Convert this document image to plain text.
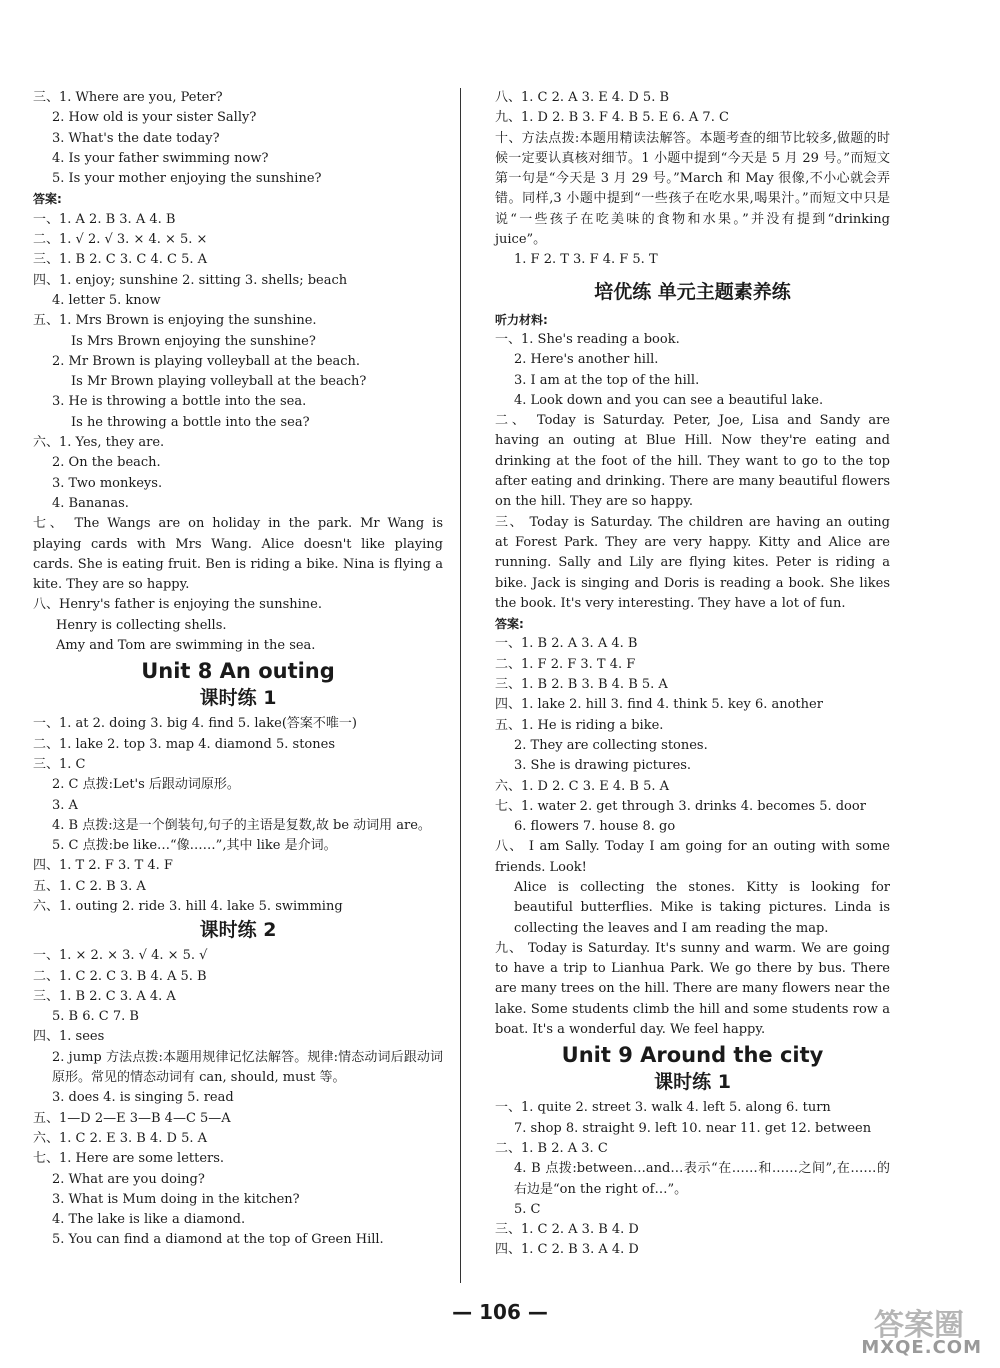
三、1. Where are you, Peter?
2. How old is your sister Sally?
3. What's the date today?
4. Is your father swimming now?
5. Is your mother enjoying the sunshine?
答案:
一、1. A 2. B 3. A 4. B
二、1. √ 2. √ 3. × 4. × 5. ×
三、1. B 2. C 3. C 4. C 5. A
四、1. enjoy; sunshine 2. sitting 3. shells; beach
4. letter 5. know
五、1. Mrs Brown is enjoying the sunshine.
Is Mrs Brown enjoying the sunshine?
2. Mr Brown is playing volleyball at the beach.
Is Mr Brown playing volleyball at the beach?
3. He is throwing a bottle into the sea.
Is he throwing a bottle into the sea?
六、1. Yes, they are.
2. On the beach.
3. Two monkeys.
4. Bananas.
七、 The Wangs are on holiday in the park. Mr Wang is playing cards with Mrs Wang. Alice doesn't like playing cards. She is eating fruit. Ben is riding a bike. Nina is flying a kite. They are so happy.
八、Henry's father is enjoying the sunshine.
Henry is collecting shells.
Amy and Tom are swimming in the sea.
Unit 8 An outing
课时练 1
一、1. at 2. doing 3. big 4. find 5. lake(答案不唯一)
二、1. lake 2. top 3. map 4. diamond 5. stones
三、1. C
2. C 点拨:Let's 后跟动词原形。
3. A
4. B 点拨:这是一个倒装句,句子的主语是复数,故 be 动词用 are。
5. C 点拨:be like…“像……”,其中 like 是介词。
四、1. T 2. F 3. T 4. F
五、1. C 2. B 3. A
六、1. outing 2. ride 3. hill 4. lake 5. swimming
课时练 2
一、1. × 2. × 3. √ 4. × 5. √
二、1. C 2. C 3. B 4. A 5. B
三、1. B 2. C 3. A 4. A
5. B 6. C 7. B
四、1. sees
2. jump 方法点拨:本题用规律记忆法解答。规律:情态动词后跟动词原形。常见的情态动词有 can, should, must 等。
3. does 4. is singing 5. read
五、1—D 2—E 3—B 4—C 5—A
六、1. C 2. E 3. B 4. D 5. A
七、1. Here are some letters.
2. What are you doing?
3. What is Mum doing in the kitchen?
4. The lake is like a diamond.
5. You can find a diamond at the top of Green Hill.
八、1. C 2. A 3. E 4. D 5. B
九、1. D 2. B 3. F 4. B 5. E 6. A 7. C
十、方法点拨:本题用精读法解答。本题考查的细节比较多,做题的时候一定要认真核对细节。1 小题中提到“今天是 5 月 29 号。”而短文第一句是“今天是 3 月 29 号。”March 和 May 很像,不小心就会弄错。同样,3 小题中提到“一些孩子在吃水果,喝果汁。”而短文中只是说“一些孩子在吃美味的食物和水果。”并没有提到“drinking juice”。
1. F 2. T 3. F 4. F 5. T
培优练 单元主题素养练
听力材料:
一、1. She's reading a book.
2. Here's another hill.
3. I am at the top of the hill.
4. Look down and you can see a beautiful lake.
二、 Today is Saturday. Peter, Joe, Lisa and Sandy are having an outing at Blue Hill. Now they're eating and drinking at the foot of the hill. They want to go to the top after eating and drinking. There are many beautiful flowers on the hill. They are so happy.
三、 Today is Saturday. The children are having an outing at Forest Park. They are very happy. Kitty and Alice are running. Sally and Lily are flying kites. Peter is riding a bike. Jack is singing and Doris is reading a book. She likes the book. It's very interesting. They have a lot of fun.
答案:
一、1. B 2. A 3. A 4. B
二、1. F 2. F 3. T 4. F
三、1. B 2. B 3. B 4. B 5. A
四、1. lake 2. hill 3. find 4. think 5. key 6. another
五、1. He is riding a bike.
2. They are collecting stones.
3. She is drawing pictures.
六、1. D 2. C 3. E 4. B 5. A
七、1. water 2. get through 3. drinks 4. becomes 5. door
6. flowers 7. house 8. go
八、 I am Sally. Today I am going for an outing with some friends. Look!
Alice is collecting the stones. Kitty is looking for beautiful butterflies. Mike is taking pictures. Linda is collecting the leaves and I am reading the map.
九、 Today is Saturday. It's sunny and warm. We are going to have a trip to Lianhua Park. We go there by bus. There are many trees on the hill. There are many flowers near the lake. Some students climb the hill and some students row a boat. It's a wonderful day. We feel happy.
Unit 9 Around the city
课时练 1
一、1. quite 2. street 3. walk 4. left 5. along 6. turn
7. shop 8. straight 9. left 10. near 11. get 12. between
二、1. B 2. A 3. C
4. B 点拨:between…and…表示“在……和……之间”,在……的右边是“on the right of…”。
5. C
三、1. C 2. A 3. B 4. D
四、1. C 2. B 3. A 4. D
— 106 —	答案圈
MXQE.COM
